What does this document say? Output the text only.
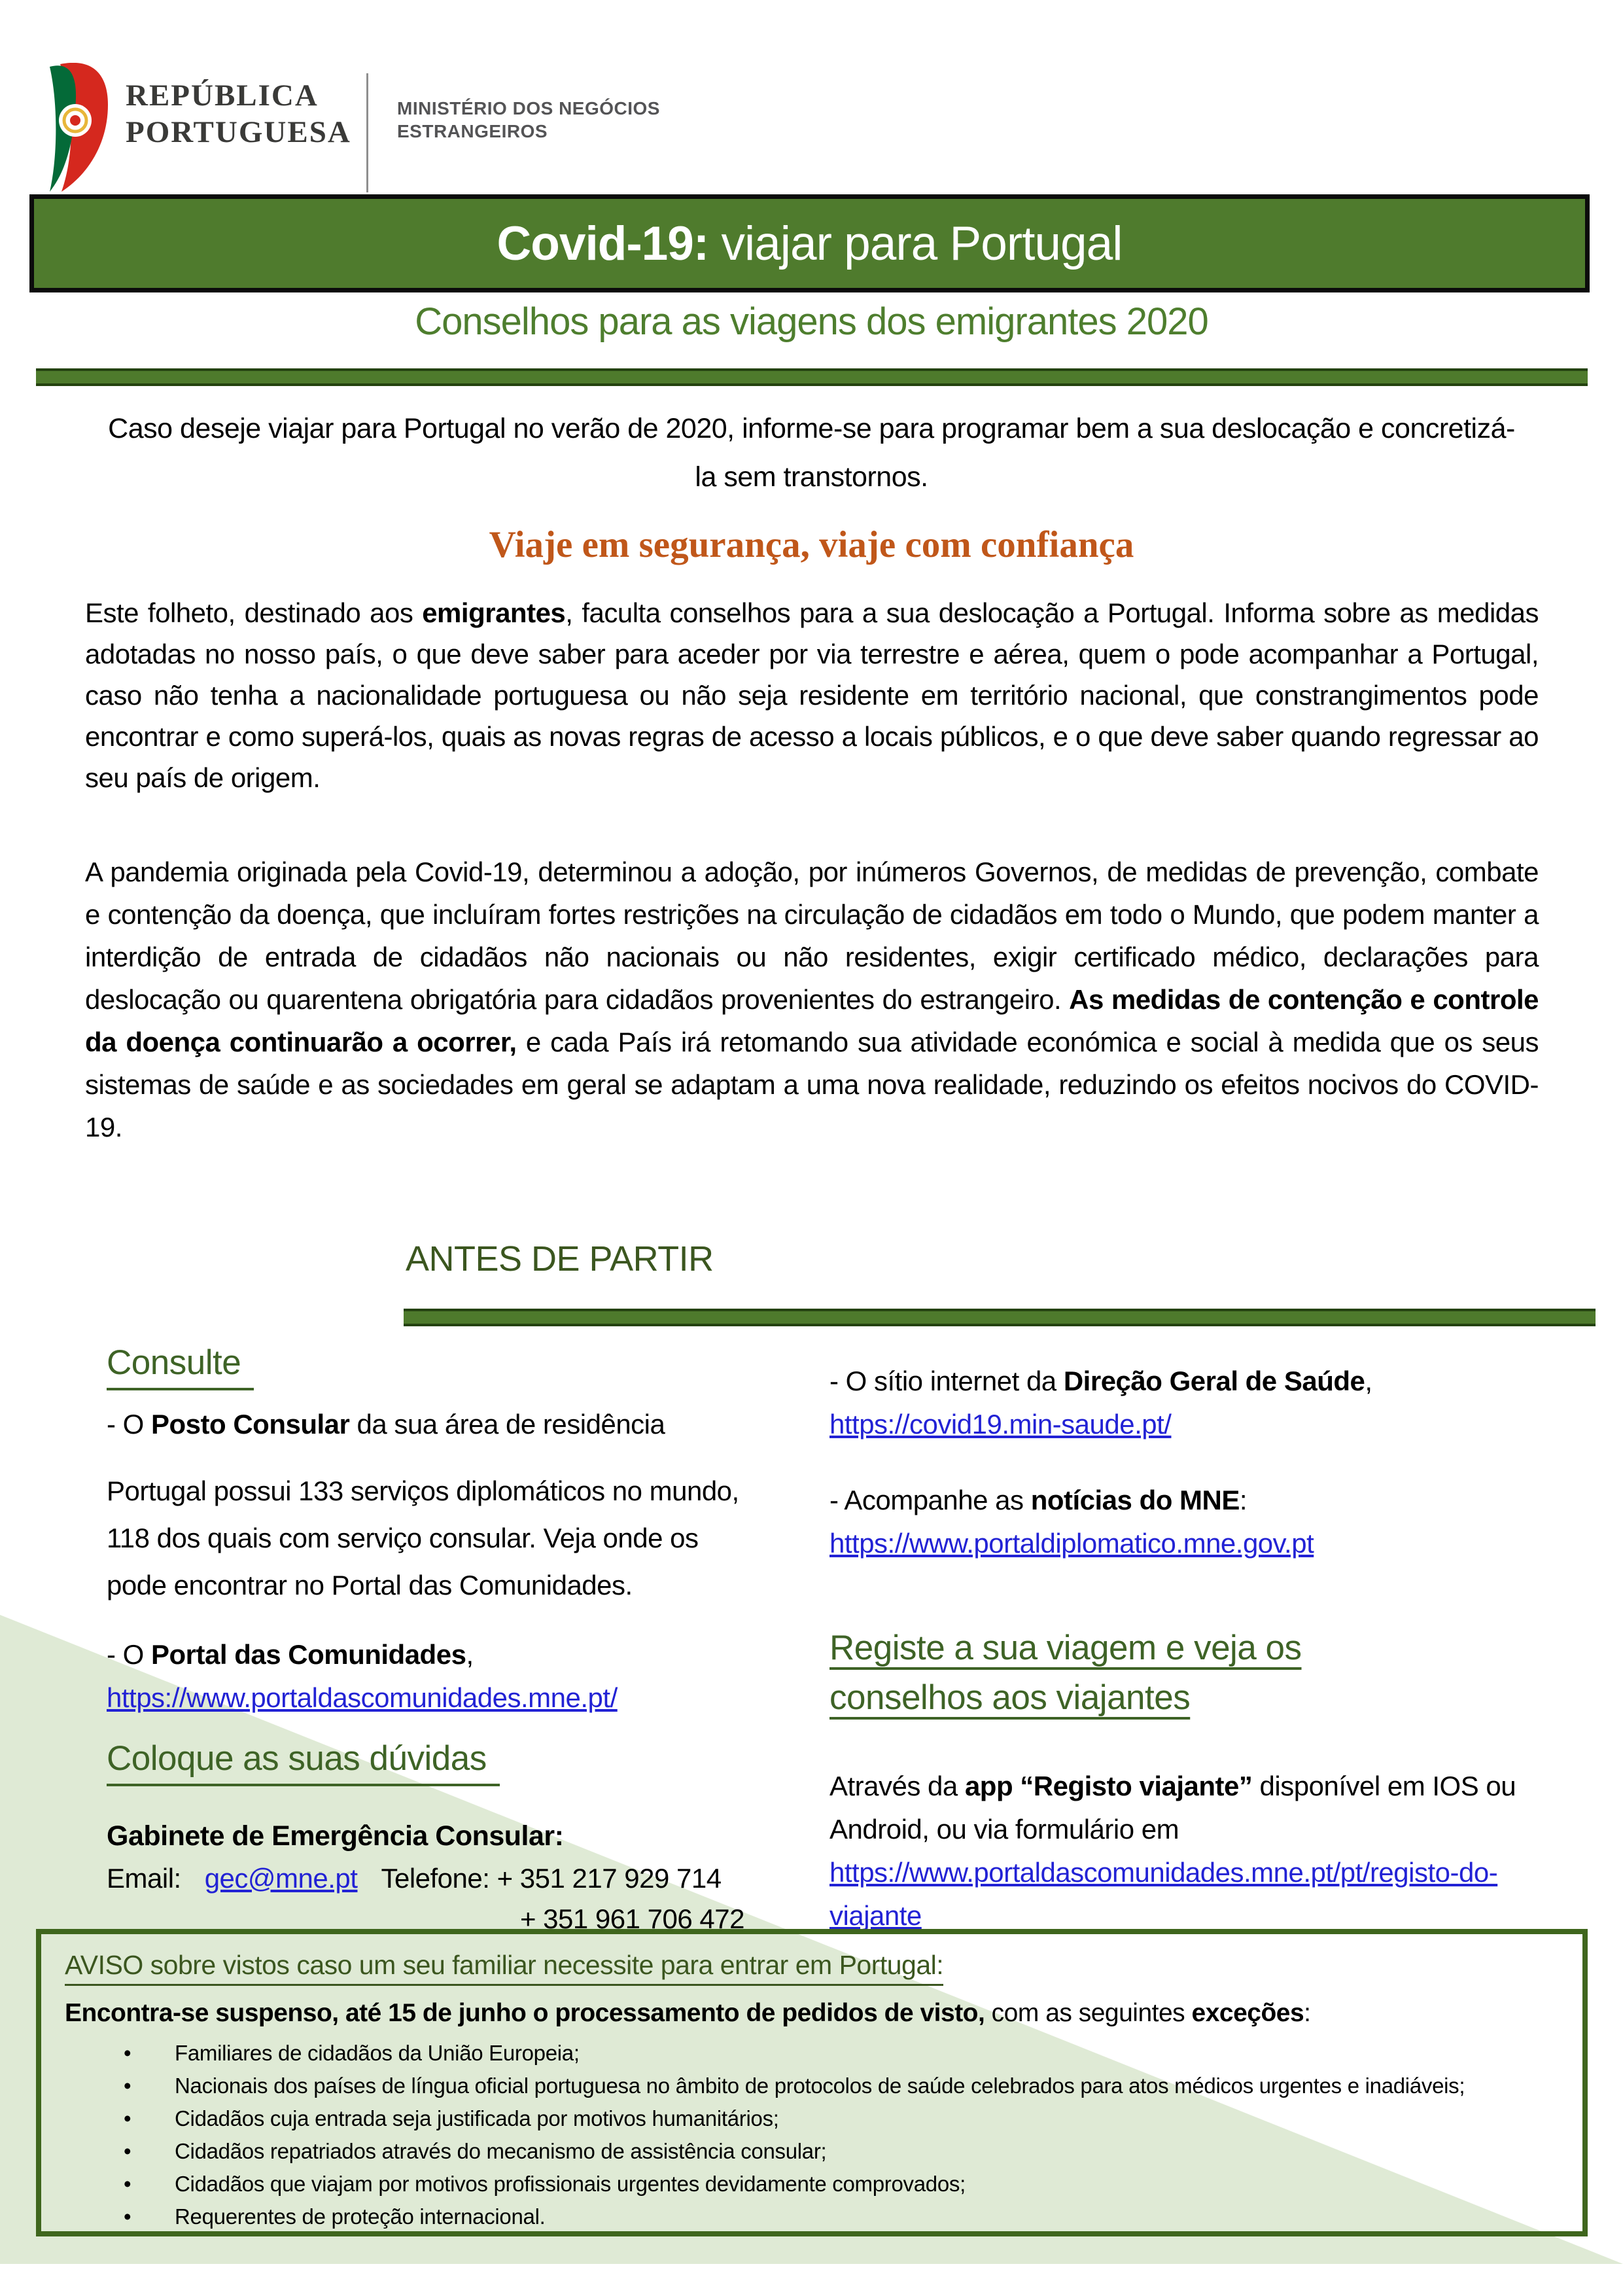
REPÚBLICA
PORTUGUESA
MINISTÉRIO DOS NEGÓCIOS
ESTRANGEIROS
Covid-19: viajar para Portugal
Conselhos para as viagens dos emigrantes 2020
Caso deseje viajar para Portugal no verão de 2020, informe-se para programar bem a sua deslocação e concretizá-la sem transtornos.
Viaje em segurança, viaje com confiança
Este folheto, destinado aos emigrantes, faculta conselhos para a sua deslocação a Portugal. Informa sobre as medidas adotadas no nosso país, o que deve saber para aceder por via terrestre e aérea, quem o pode acompanhar a Portugal, caso não tenha a nacionalidade portuguesa ou não seja residente em território nacional, que constrangimentos pode encontrar e como superá-los, quais as novas regras de acesso a locais públicos, e o que deve saber quando regressar ao seu país de origem.
A pandemia originada pela Covid-19, determinou a adoção, por inúmeros Governos, de medidas de prevenção, combate e contenção da doença, que incluíram fortes restrições na circulação de cidadãos em todo o Mundo, que podem manter a interdição de entrada de cidadãos não nacionais ou não residentes, exigir certificado médico, declarações para deslocação ou quarentena obrigatória para cidadãos provenientes do estrangeiro. As medidas de contenção e controle da doença continuarão a ocorrer, e cada País irá retomando sua atividade económica e social à medida que os seus sistemas de saúde e as sociedades em geral se adaptam a uma nova realidade, reduzindo os efeitos nocivos do COVID-19.
ANTES DE PARTIR
Consulte
- O Posto Consular da sua área de residência
Portugal possui 133 serviços diplomáticos no mundo, 118 dos quais com serviço consular. Veja onde os pode encontrar no Portal das Comunidades.
- O Portal das Comunidades,
https://www.portaldascomunidades.mne.pt/
Coloque as suas dúvidas
Gabinete de Emergência Consular:
Email: gec@mne.pt Telefone: + 351 217 929 714
+ 351 961 706 472
- O sítio internet da Direção Geral de Saúde,
https://covid19.min-saude.pt/
- Acompanhe as notícias do MNE:
https://www.portaldiplomatico.mne.gov.pt
Registe a sua viagem e veja os conselhos aos viajantes
Através da app “Registo viajante” disponível em IOS ou Android, ou via formulário em
https://www.portaldascomunidades.mne.pt/pt/registo-do-viajante
AVISO sobre vistos caso um seu familiar necessite para entrar em Portugal:
Encontra-se suspenso, até 15 de junho o processamento de pedidos de visto, com as seguintes exceções:
• Familiares de cidadãos da União Europeia;
• Nacionais dos países de língua oficial portuguesa no âmbito de protocolos de saúde celebrados para atos médicos urgentes e inadiáveis;
• Cidadãos cuja entrada seja justificada por motivos humanitários;
• Cidadãos repatriados através do mecanismo de assistência consular;
• Cidadãos que viajam por motivos profissionais urgentes devidamente comprovados;
• Requerentes de proteção internacional.
